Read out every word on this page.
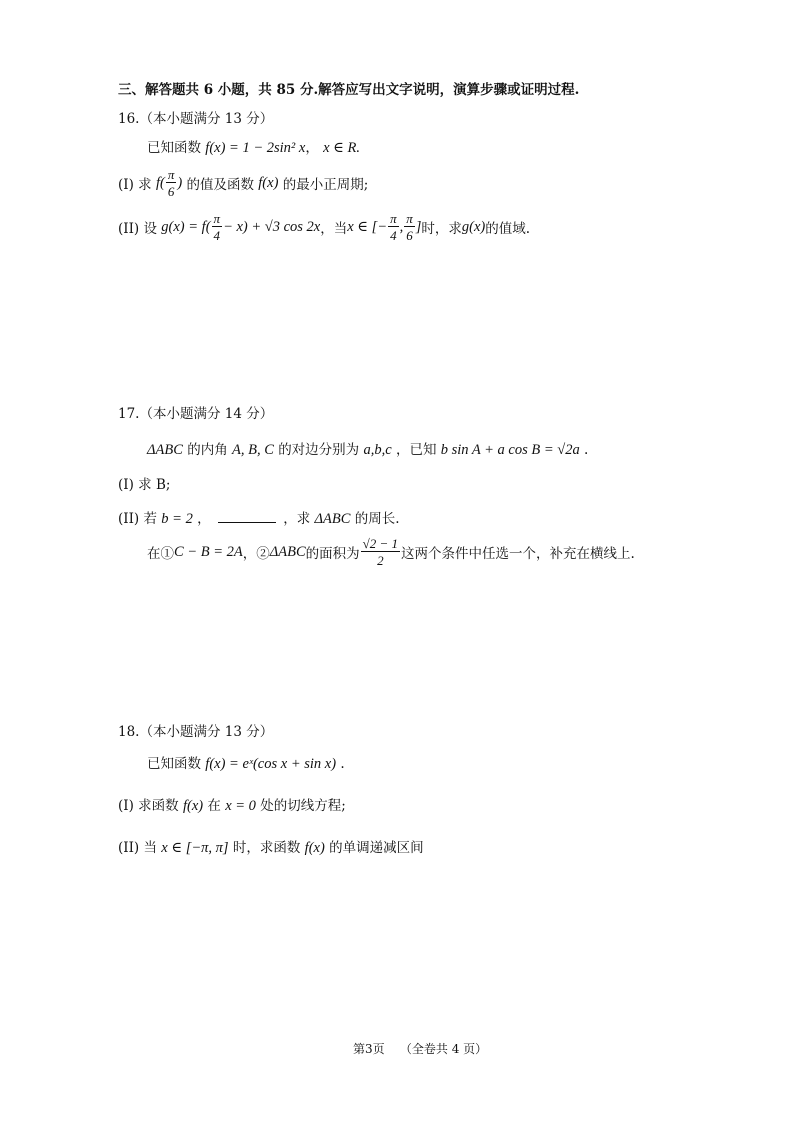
三、解答题共 6 小题，共 85 分.解答应写出文字说明，演算步骤或证明过程.
16.（本小题满分 13 分）
已知函数 f(x) = 1 − 2sin² x， x ∈ R.
(I) 求
$f( \frac{\pi}{6}$ )
的值及函数
f(x)
的最小正周期;
(II) 设
$g(x) = f( \frac{\pi}{4} - x) + √3$ cos 2x ，当 x ∈ [− $\frac{\pi}{4}$ , $\frac{\pi}{6}$ ] 时，求 g(x) 的值域.
17.（本小题满分 14 分）
ΔABC 的内角 A, B, C 的对边分别为 a,b,c ，已知 b sin A + a cos B = √2a .
(I) 求 B;
(II) 若 b = 2 ，	，求 ΔABC 的周长.
在① C − B = 2A ，② ΔABC 的面积为 $\frac{√2 - 1}{2}$ 这两个条件中任选一个，补充在横线上.
18.（本小题满分 13 分）
已知函数 f(x) = eˣ(cos x + sin x) .
(I) 求函数 f(x) 在 x = 0 处的切线方程;
(II) 当 x ∈ [−π, π] 时，求函数 f(x) 的单调递减区间
第3页 （全卷共 4 页）
